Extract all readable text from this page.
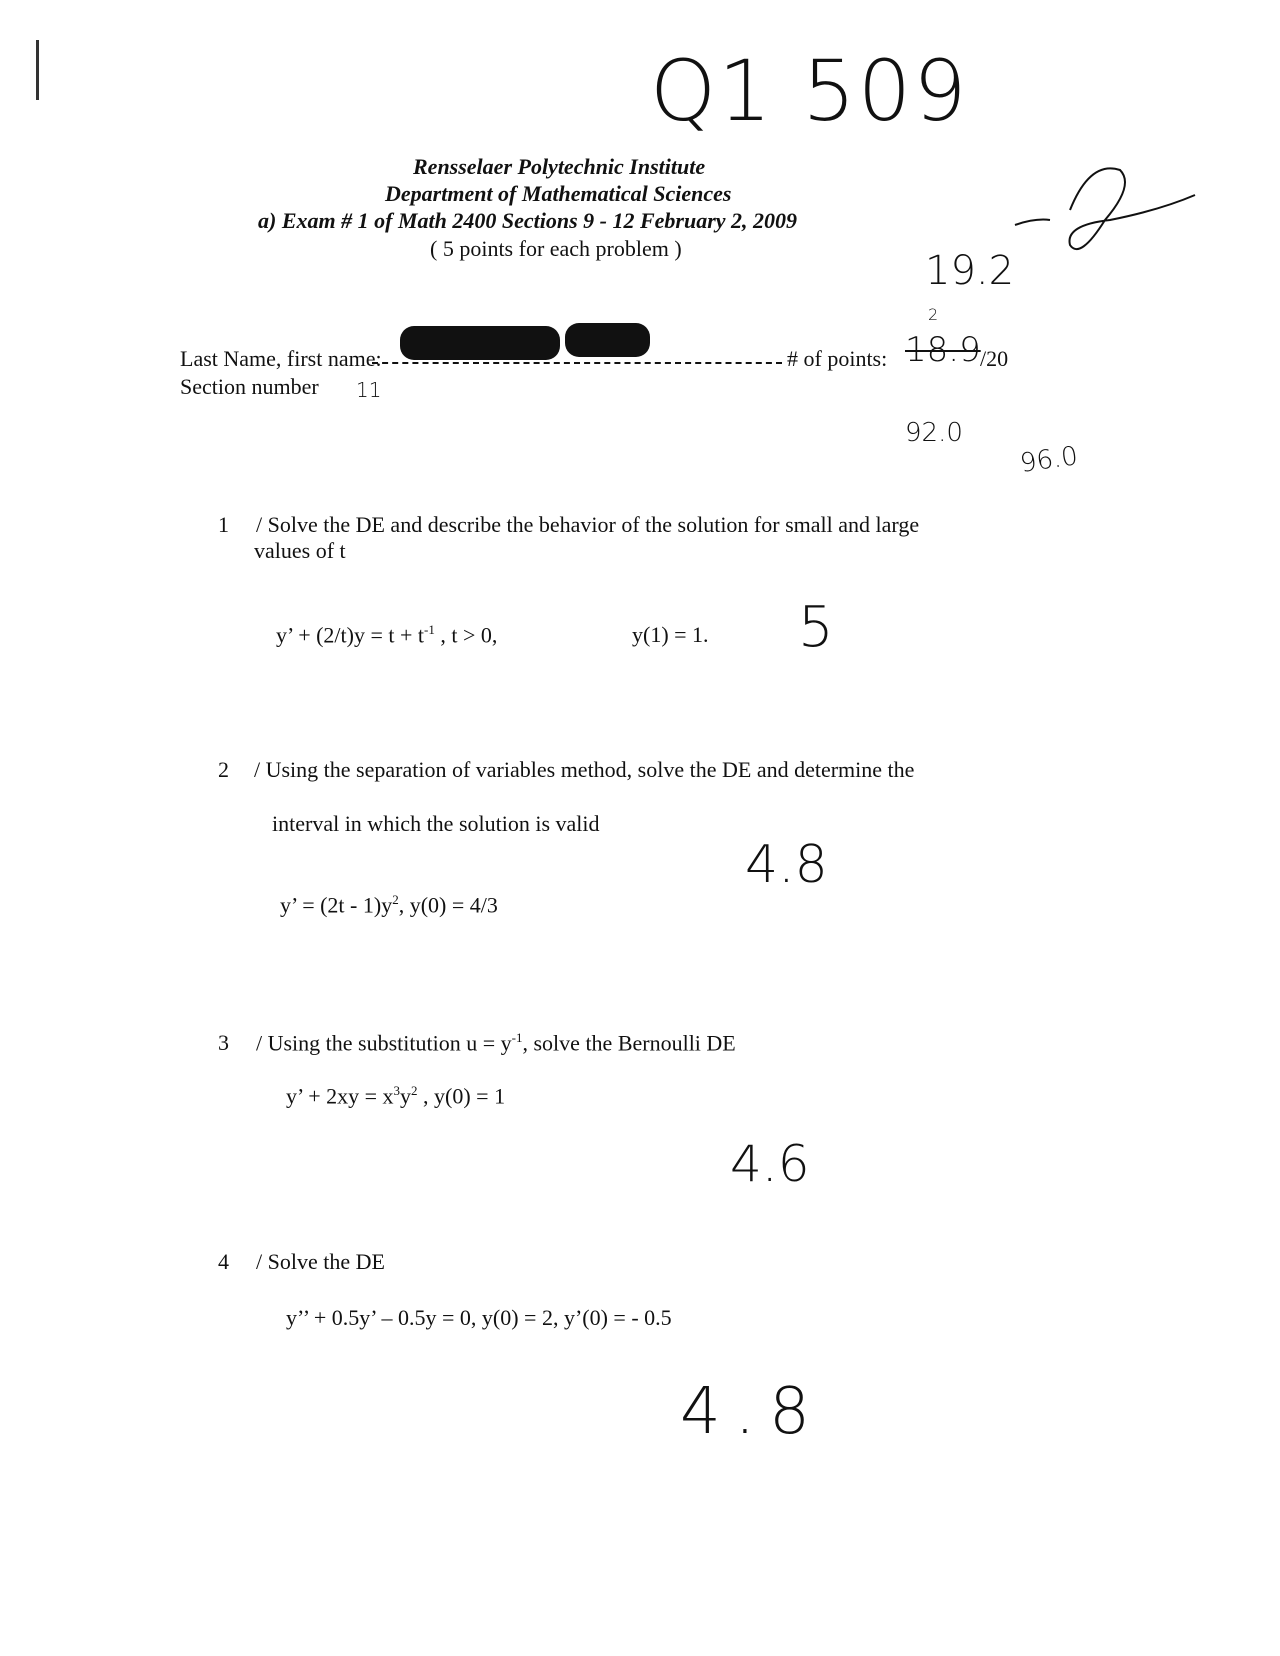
Q1 509
Rensselaer Polytechnic Institute
Department of Mathematical Sciences
a) Exam # 1 of Math 2400 Sections 9 - 12 February 2, 2009
( 5 points for each problem )	19.2
2
Last Name, first name:	# of points: 18.9 /20
Section number 11
92.0
96.0
1 / Solve the DE and describe the behavior of the solution for small and large
values of t
y’ + $(2/t)y = t + t^{-1}$ , t > 0,	y(1) = 1. 5
2 / Using the separation of variables method, solve the DE and determine the
interval in which the solution is valid
y’ = $(2t - 1)y^2$, y(0) = 4/3
4.8
3 / Using the substitution $u = y^{-1}$, solve the Bernoulli DE
y’ + $2xy = x^3y^2$ , y(0) = 1
4.6
4 / Solve the DE
y’’ + 0.5y’ – 0.5y = 0, y(0) = 2, y’(0) = - 0.5
4.8
